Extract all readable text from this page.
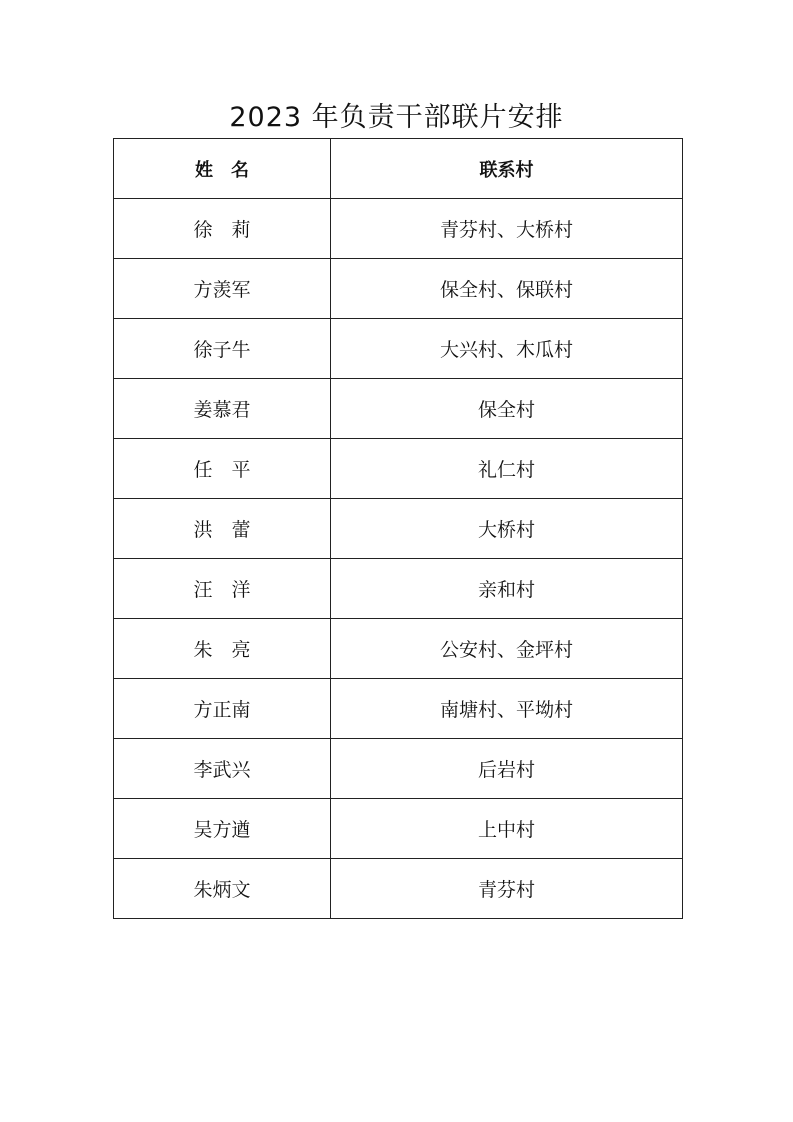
2023 年负责干部联片安排
姓　名	联系村
徐　莉	青芬村、大桥村
方羡军	保全村、保联村
徐子牛	大兴村、木瓜村
姜慕君	保全村
任　平	礼仁村
洪　蕾	大桥村
汪　洋	亲和村
朱　亮	公安村、金坪村
方正南	南塘村、平坳村
李武兴	后岩村
吴方遒	上中村
朱炳文	青芬村
